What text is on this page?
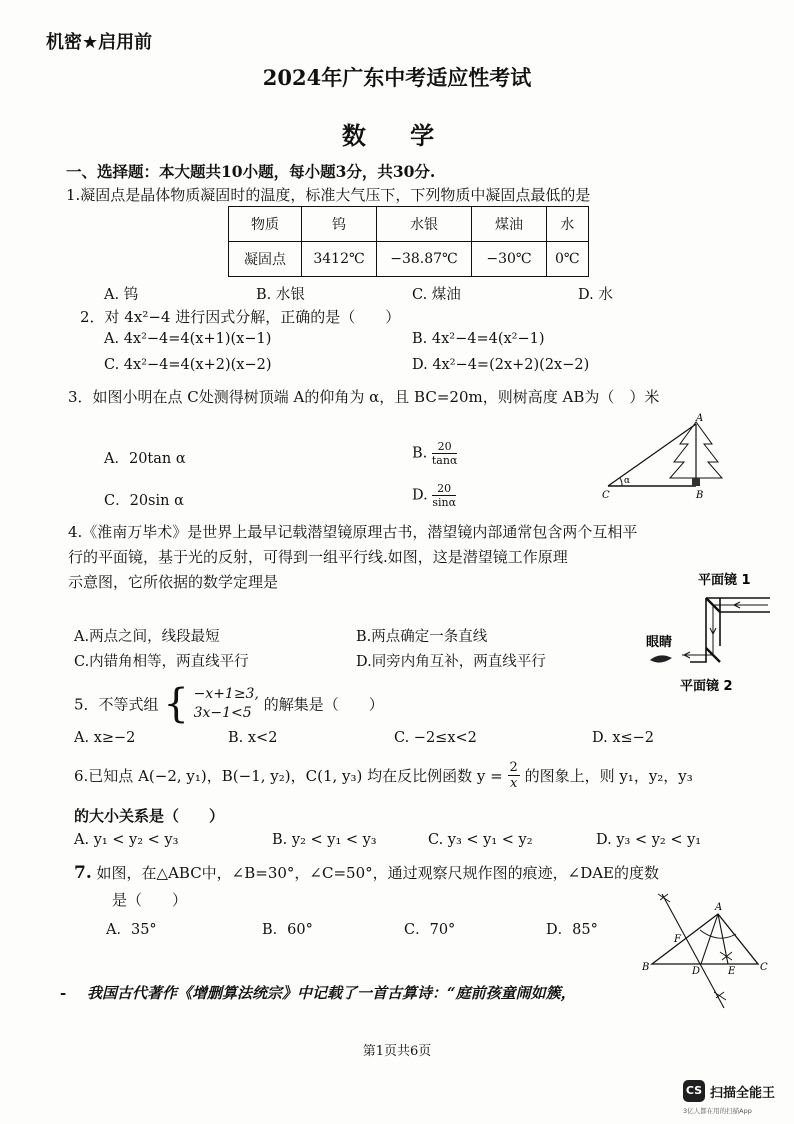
机密★启用前
2024年广东中考适应性考试
数 学
一、选择题：本大题共10小题，每小题3分，共30分.
1.凝固点是晶体物质凝固时的温度，标准大气压下，下列物质中凝固点最低的是
物质	钨	水银	煤油	水
凝固点	3412℃	−38.87℃	−30℃	0℃
A. 钨	B. 水银	C. 煤油	D. 水
2．对 4x²−4 进行因式分解，正确的是（　　）
A. 4x²−4=4(x+1)(x−1)	B. 4x²−4=4(x²−1)
C. 4x²−4=4(x+2)(x−2)	D. 4x²−4=(2x+2)(2x−2)
3．如图小明在点 C处测得树顶端 A的仰角为 α，且 BC=20m，则树高度 AB为（　）米
A．20tan α	B. $\frac{20}{\tan\alpha}$
C．20sin α	D. $\frac{20}{\sin\alpha}$
α
A
B
C
4.《淮南万毕术》是世界上最早记载潜望镜原理古书，潜望镜内部通常包含两个互相平
行的平面镜，基于光的反射，可得到一组平行线.如图，这是潜望镜工作原理
示意图，它所依据的数学定理是
A.两点之间，线段最短	B.两点确定一条直线
C.内错角相等，两直线平行	D.同旁内角互补，两直线平行
平面镜 1
平面镜 2
眼睛
5．不等式组 { −x+1≥3,
3x−1<5 的解集是（　　）
A. x≥−2	B. x<2	C. −2≤x<2	D. x≤−2
6.已知点 A(−2, y₁)，B(−1, y₂)，C(1, y₃) 均在反比例函数 $y = \frac{2}{x}$ 的图象上，则 y₁，y₂，y₃
的大小关系是（　　）
A. y₁ < y₂ < y₃	B. y₂ < y₁ < y₃	C. y₃ < y₁ < y₂	D. y₃ < y₂ < y₁
7. 如图，在△ABC中，∠B=30°，∠C=50°，通过观察尺规作图的痕迹，∠DAE的度数
是（　　）
A．35°	B．60°	C．70°	D．85°
A
B	C
D	E
F
- 我国古代著作《增删算法统宗》中记载了一首古算诗：“庭前孩童闹如簇，
第1页共6页
CS 扫描全能王
3亿人都在用的扫描App
